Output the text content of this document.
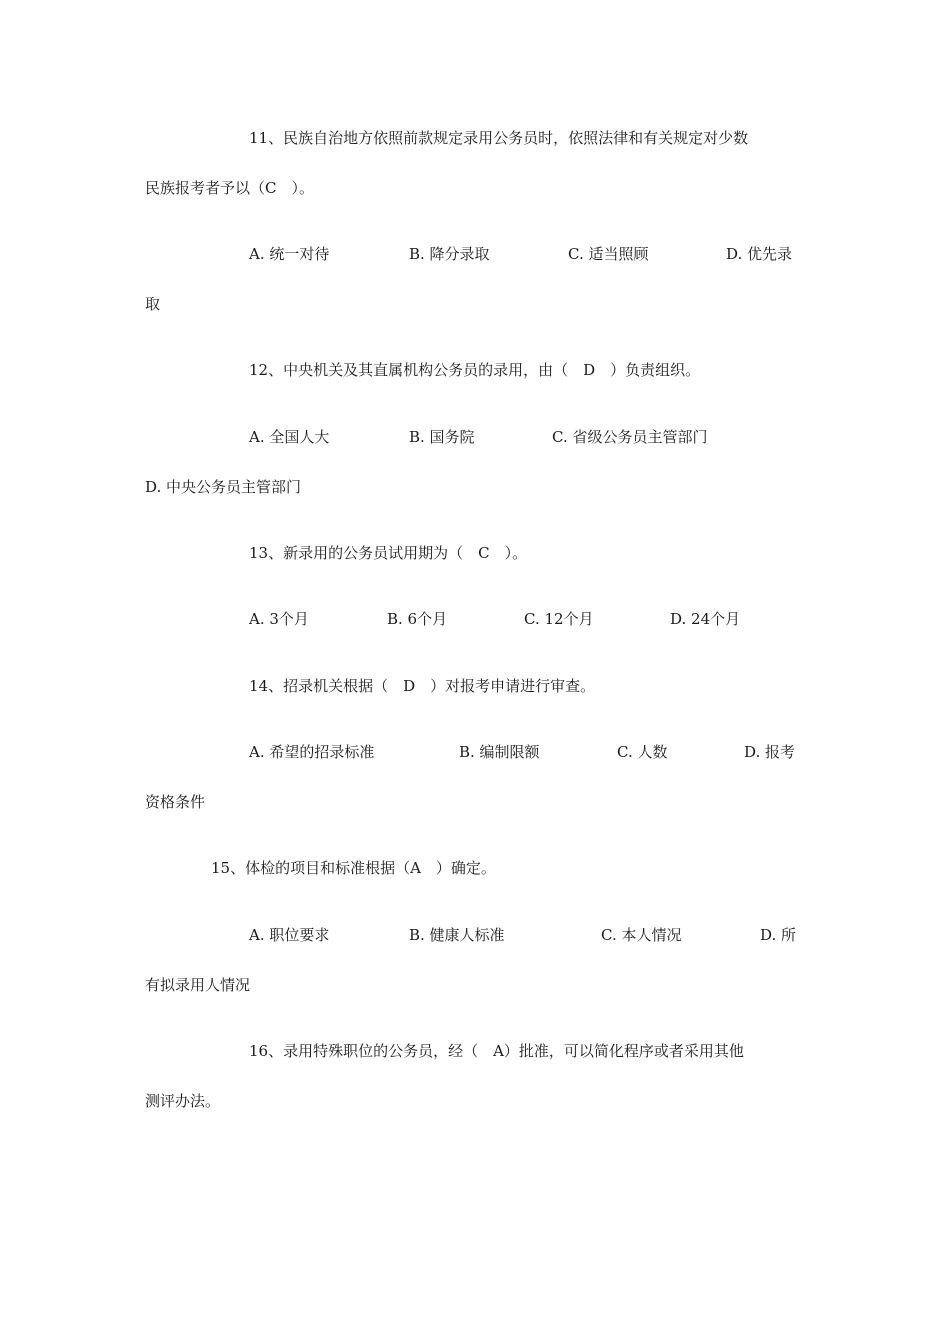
11、民族自治地方依照前款规定录用公务员时，依照法律和有关规定对少数
民族报考者予以（C　）。
A. 统一对待	B. 降分录取	C. 适当照顾	D. 优先录
取
12、中央机关及其直属机构公务员的录用，由（　D　）负责组织。
A. 全国人大	B. 国务院	C. 省级公务员主管部门
D. 中央公务员主管部门
13、新录用的公务员试用期为（　C　）。
A. 3个月	B. 6个月	C. 12个月	D. 24个月
14、招录机关根据（　D　）对报考申请进行审查。
A. 希望的招录标准	B. 编制限额	C. 人数	D. 报考
资格条件
15、体检的项目和标准根据（A　）确定。
A. 职位要求	B. 健康人标准	C. 本人情况	D. 所
有拟录用人情况
16、录用特殊职位的公务员，经（　A）批准，可以简化程序或者采用其他
测评办法。
